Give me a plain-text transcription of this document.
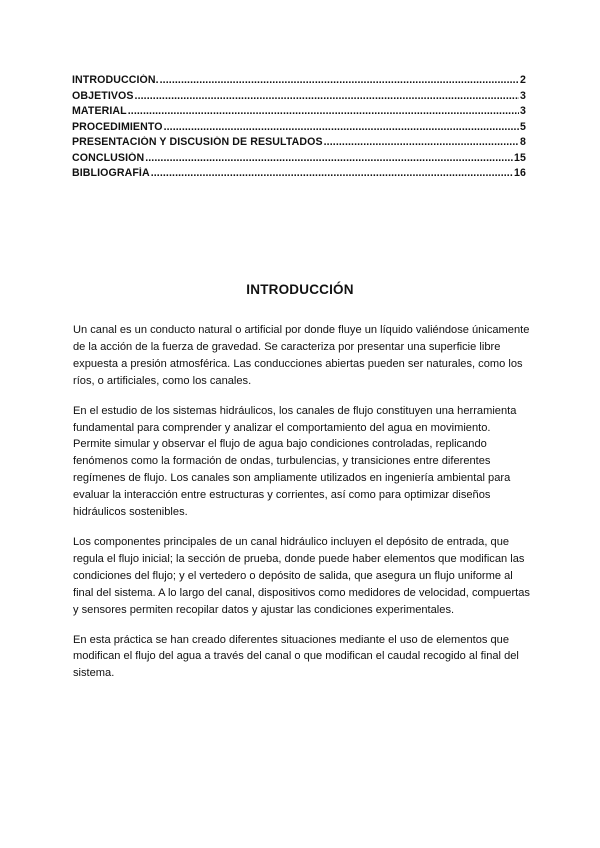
INTRODUCCIÓN. .....	2
OBJETIVOS .....	3
MATERIAL .....	3
PROCEDIMIENTO .....	5
PRESENTACIÓN Y DISCUSIÓN DE RESULTADOS .....	8
CONCLUSIÓN .....	15
BIBLIOGRAFÍA .....	16
INTRODUCCIÓN

Un canal es un conducto natural o artificial por donde fluye un líquido valiéndose únicamente de la acción de la fuerza de gravedad. Se caracteriza por presentar una superficie libre expuesta a presión atmosférica. Las conducciones abiertas pueden ser naturales, como los ríos, o artificiales, como los canales.

En el estudio de los sistemas hidráulicos, los canales de flujo constituyen una herramienta fundamental para comprender y analizar el comportamiento del agua en movimiento. Permite simular y observar el flujo de agua bajo condiciones controladas, replicando fenómenos como la formación de ondas, turbulencias, y transiciones entre diferentes regímenes de flujo. Los canales son ampliamente utilizados en ingeniería ambiental para evaluar la interacción entre estructuras y corrientes, así como para optimizar diseños hidráulicos sostenibles.

Los componentes principales de un canal hidráulico incluyen el depósito de entrada, que regula el flujo inicial; la sección de prueba, donde puede haber elementos que modifican las condiciones del flujo; y el vertedero o depósito de salida, que asegura un flujo uniforme al final del sistema. A lo largo del canal, dispositivos como medidores de velocidad, compuertas y sensores permiten recopilar datos y ajustar las condiciones experimentales.

En esta práctica se han creado diferentes situaciones mediante el uso de elementos que modifican el flujo del agua a través del canal o que modifican el caudal recogido al final del sistema.
